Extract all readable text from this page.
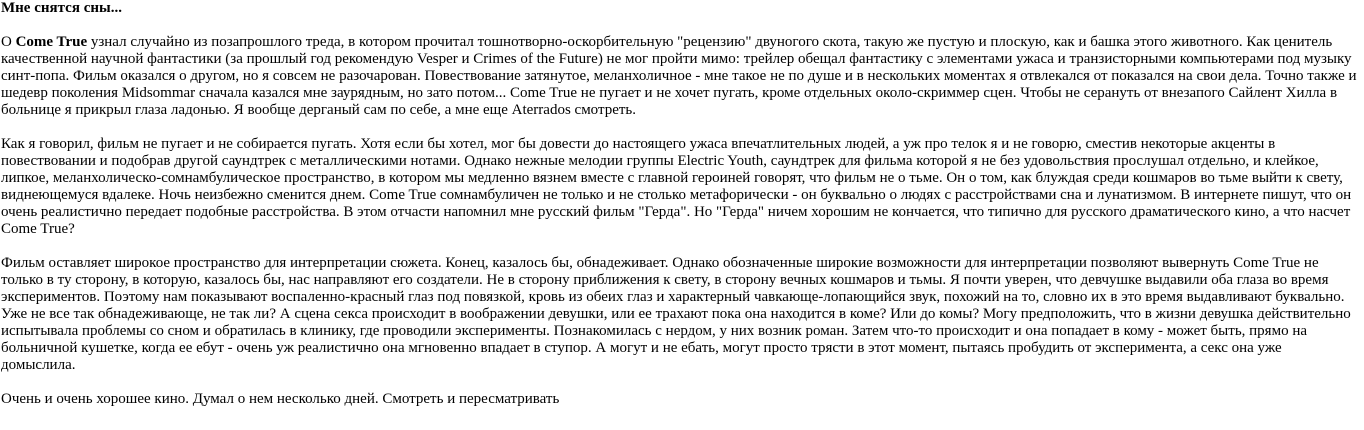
Мне снятся сны...

О Come True узнал случайно из позапрошлого треда, в котором прочитал тошнотворно-оскорбительную "рецензию" двуногого скота, такую же пустую и плоскую, как и башка этого животного. Как ценитель качественной научной фантастики (за прошлый год рекомендую Vesper и Crimes of the Future) не мог пройти мимо: трейлер обещал фантастику с элементами ужаса и транзисторными компьютерами под музыку синт-попа. Фильм оказался о другом, но я совсем не разочарован. Повествование затянутое, меланхоличное - мне такое не по душе и в нескольких моментах я отвлекался от показался на свои дела. Точно также и шедевр поколения Midsommar сначала казался мне заурядным, но зато потом... Come True не пугает и не хочет пугать, кроме отдельных около-скриммер сцен. Чтобы не серануть от внезапого Сайлент Хилла в больнице я прикрыл глаза ладонью. Я вообще дерганый сам по себе, а мне еще Aterrados смотреть.

Как я говорил, фильм не пугает и не собирается пугать. Хотя если бы хотел, мог бы довести до настоящего ужаса впечатлительных людей, а уж про телок я и не говорю, сместив некоторые акценты в повествовании и подобрав другой саундтрек с металлическими нотами. Однако нежные мелодии группы Electric Youth, саундтрек для фильма которой я не без удовольствия прослушал отдельно, и клейкое, липкое, меланхолическо-сомнамбулическое пространство, в котором мы медленно вязнем вместе с главной героиней говорят, что фильм не о тьме. Он о том, как блуждая среди кошмаров во тьме выйти к свету, виднеющемуся вдалеке. Ночь неизбежно сменится днем. Come True сомнамбуличен не только и не столько метафорически - он буквально о людях с расстройствами сна и лунатизмом. В интернете пишут, что он очень реалистично передает подобные расстройства. В этом отчасти напомнил мне русский фильм "Герда". Но "Герда" ничем хорошим не кончается, что типично для русского драматического кино, а что насчет Come True?

Фильм оставляет широкое пространство для интерпретации сюжета. Конец, казалось бы, обнадеживает. Однако обозначенные широкие возможности для интерпретации позволяют вывернуть Come True не только в ту сторону, в которую, казалось бы, нас направляют его создатели. Не в сторону приближения к свету, в сторону вечных кошмаров и тьмы. Я почти уверен, что девчушке выдавили оба глаза во время экспериментов. Поэтому нам показывают воспаленно-красный глаз под повязкой, кровь из обеих глаз и характерный чавкающе-лопающийся звук, похожий на то, словно их в это время выдавливают буквально. Уже не все так обнадеживающе, не так ли? А сцена секса происходит в воображении девушки, или ее трахают пока она находится в коме? Или до комы? Могу предположить, что в жизни девушка действительно испытывала проблемы со сном и обратилась в клинику, где проводили эксперименты. Познакомилась с нердом, у них возник роман. Затем что-то происходит и она попадает в кому - может быть, прямо на больничной кушетке, когда ее ебут - очень уж реалистично она мгновенно впадает в ступор. А могут и не ебать, могут просто трясти в этот момент, пытаясь пробудить от эксперимента, а секс она уже домыслила.

Очень и очень хорошее кино. Думал о нем несколько дней. Смотреть и пересматривать
